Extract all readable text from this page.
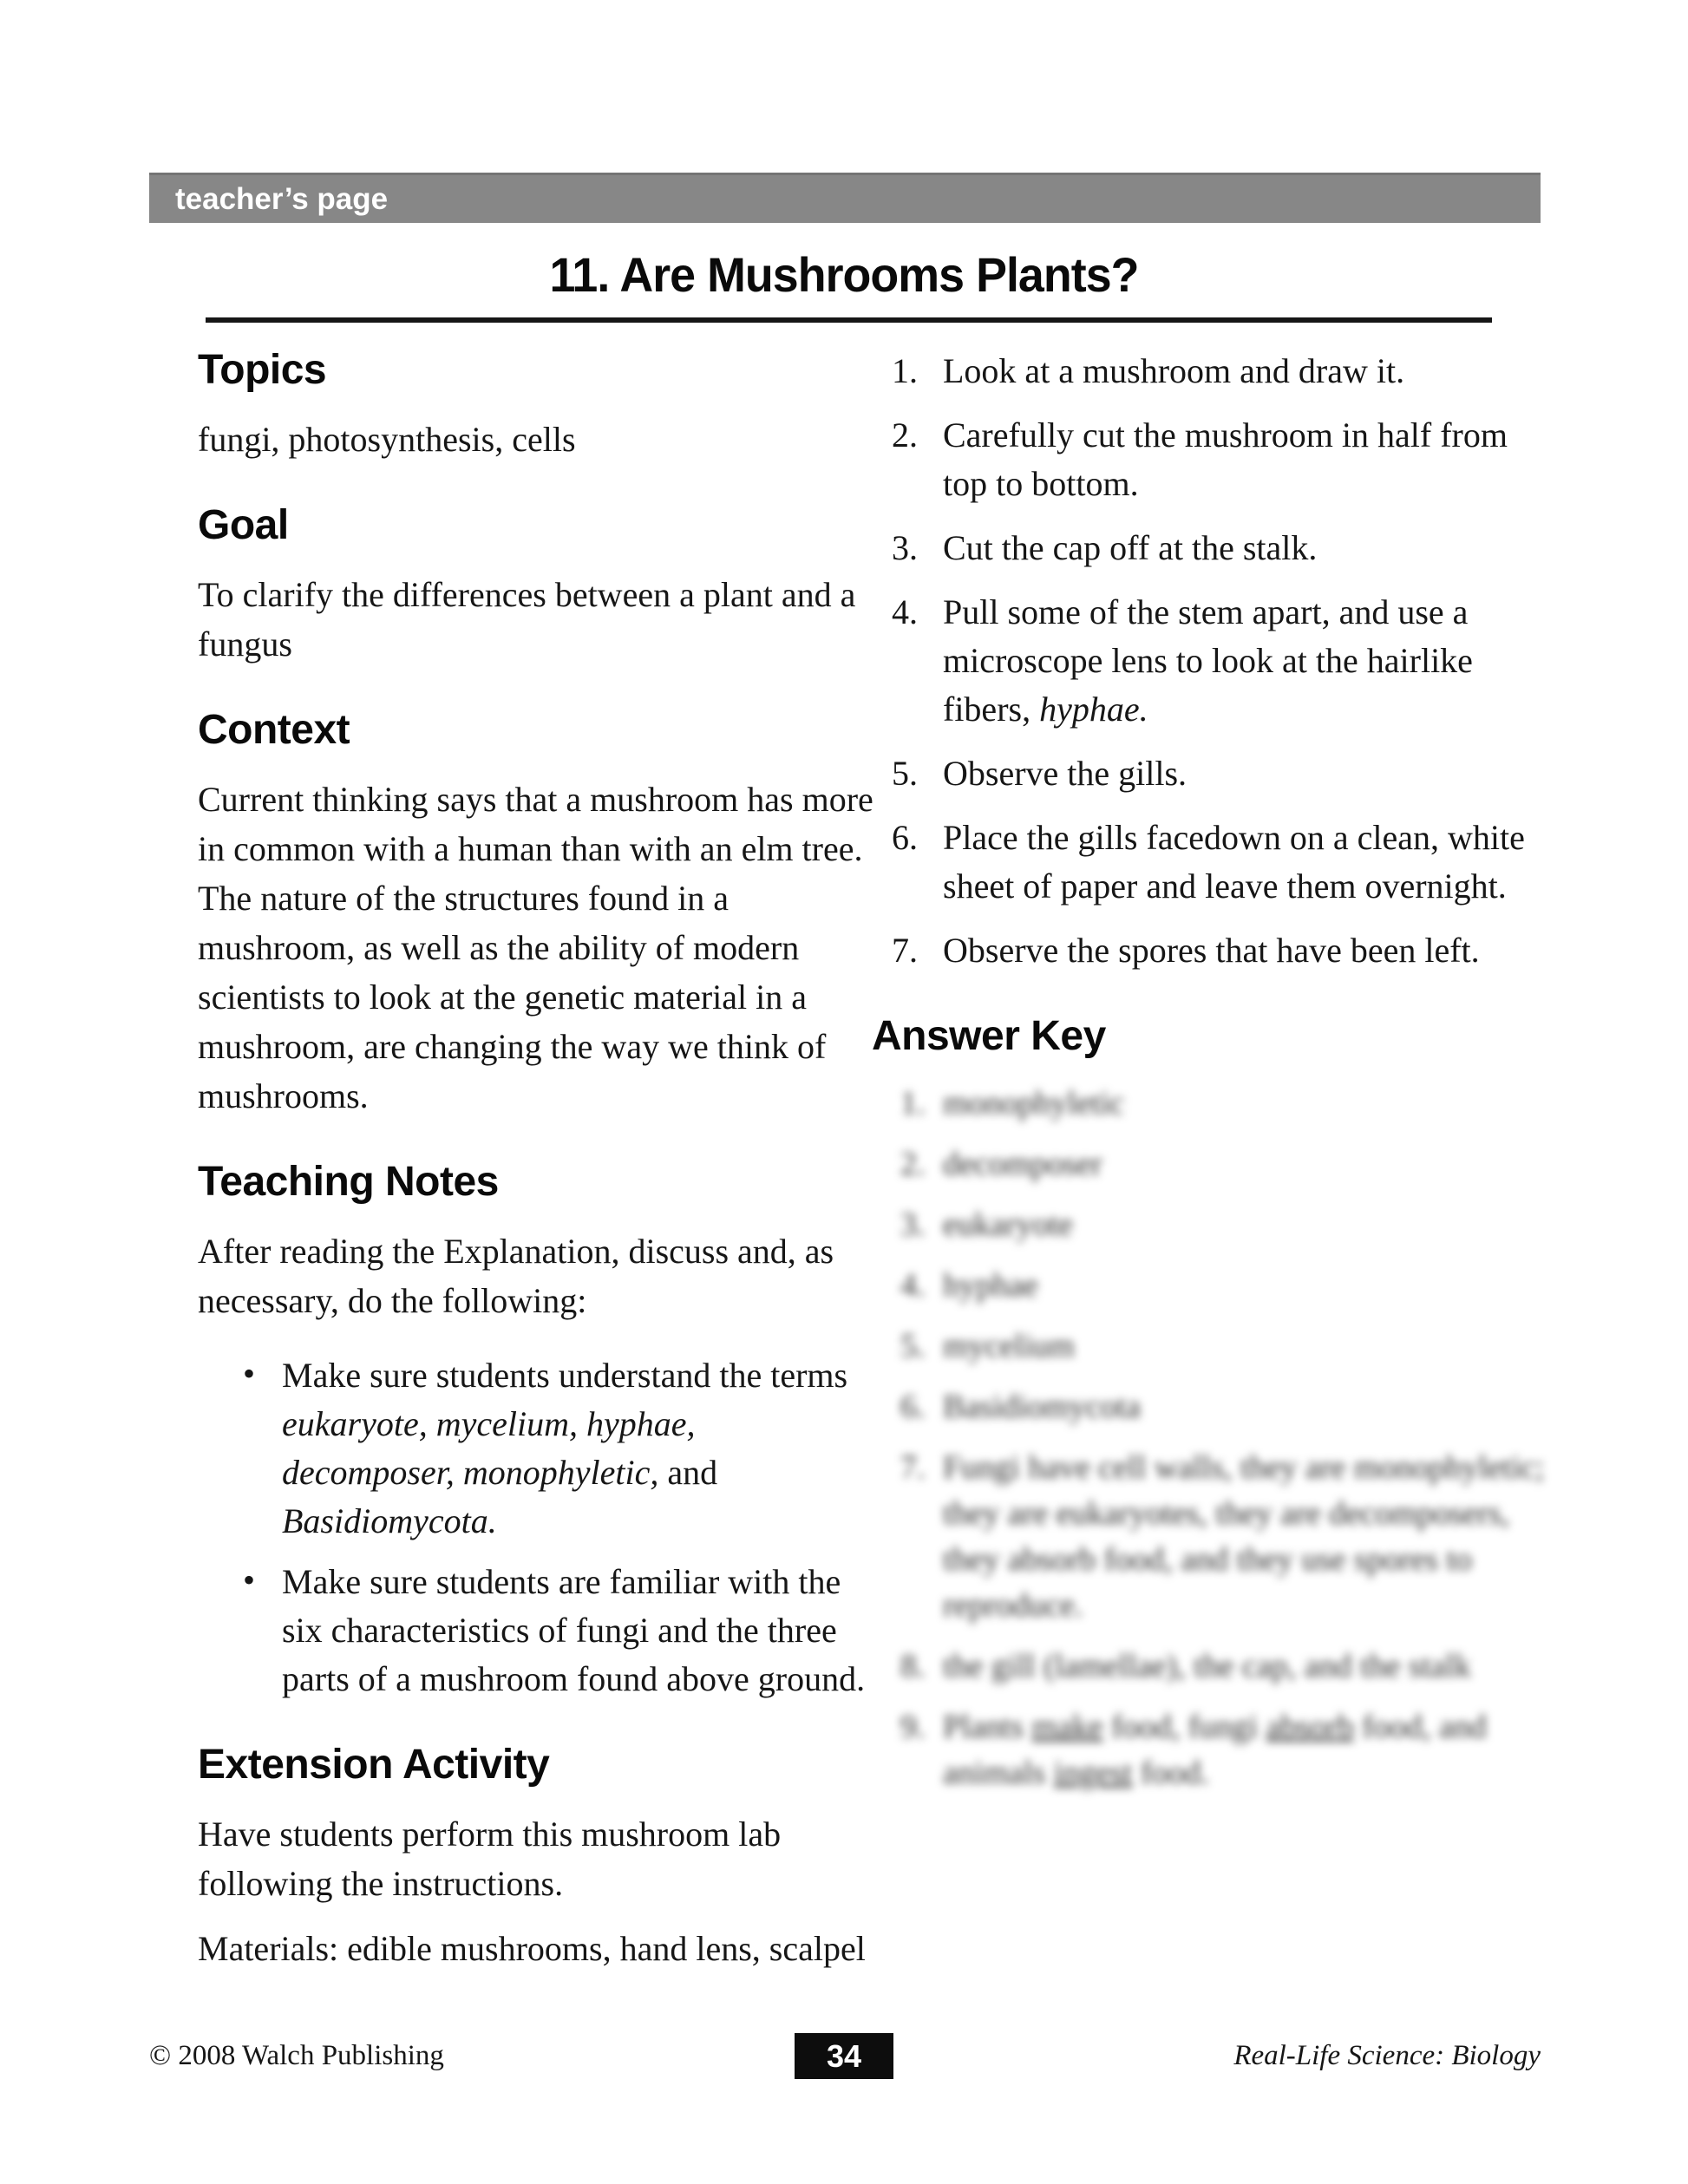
teacher’s page
11. Are Mushrooms Plants?
Topics

fungi, photosynthesis, cells

Goal

To clarify the differences between a plant and a fungus

Context

Current thinking says that a mushroom has more in common with a human than with an elm tree. The nature of the structures found in a mushroom, as well as the ability of modern scientists to look at the genetic material in a mushroom, are changing the way we think of mushrooms.

Teaching Notes

After reading the Explanation, discuss and, as necessary, do the following:

• Make sure students understand the terms eukaryote, mycelium, hyphae, decomposer, monophyletic, and Basidiomycota.
• Make sure students are familiar with the six characteristics of fungi and the three parts of a mushroom found above ground.
Extension Activity

Have students perform this mushroom lab following the instructions.

Materials: edible mushrooms, hand lens, scalpel

1. Look at a mushroom and draw it.
2. Carefully cut the mushroom in half from top to bottom.
3. Cut the cap off at the stalk.
4. Pull some of the stem apart, and use a microscope lens to look at the hairlike fibers, hyphae.
5. Observe the gills.
6. Place the gills facedown on a clean, white sheet of paper and leave them overnight.
7. Observe the spores that have been left.
Answer Key
1. monophyletic
2. decomposer
3. eukaryote
4. hyphae
5. mycelium
6. Basidiomycota
7. Fungi have cell walls, they are monophyletic; they are eukaryotes, they are decomposers, they absorb food, and they use spores to reproduce.
8. the gill (lamellae), the cap, and the stalk
9. Plants make food, fungi absorb food, and animals ingest food.
© 2008 Walch Publishing	34	Real-Life Science: Biology
